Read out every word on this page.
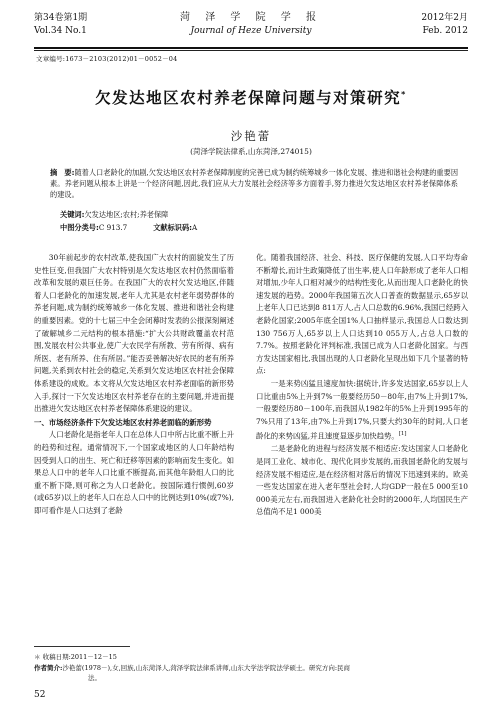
第34卷第1期	菏 泽 学 院 学 报	2012年2月
Vol.34 No.1	Journal of Heze University	Feb. 2012
文章编号:1673－2103(2012)01－0052－04
欠发达地区农村养老保障问题与对策研究*
沙艳蕾
(菏泽学院法律系,山东菏泽,274015)
摘　要:随着人口老龄化的加剧,欠发达地区农村养老保障制度的完善已成为制约统筹城乡一体化发展、推进和谐社会构建的重要因素。养老问题从根本上讲是一个经济问题,因此,我们应从大力发展社会经济等多方面着手,努力推进欠发达地区农村养老保障体系的建设。
关键词:欠发达地区;农村;养老保障
中图分类号:C 913.7	文献标识码:A

30年前起步的农村改革,使我国广大农村的面貌发生了历史性巨变,但我国广大农村特别是欠发达地区农村仍然面临着改革和发展的艰巨任务。在我国广大的农村欠发达地区,伴随着人口老龄化的加速发展,老年人尤其是农村老年弱势群体的养老问题,成为制约统筹城乡一体化发展、推进和谐社会构建的重要因素。党的十七届三中全会闭幕时发表的公报深刻阐述了破解城乡二元结构的根本措施:“扩大公共财政覆盖农村范围,发展农村公共事业,使广大农民学有所教、劳有所得、病有所医、老有所养、住有所居。”能否妥善解决好农民的老有所养问题,关系到农村社会的稳定,关系到欠发达地区农村社会保障体系建设的成败。本文将从欠发达地区农村养老面临的新形势入手,探讨一下欠发达地区农村养老存在的主要问题,并进而提出推进欠发达地区农村养老保障体系建设的建议。

一、市场经济条件下欠发达地区农村养老面临的新形势

人口老龄化是指老年人口在总体人口中所占比重不断上升的趋势和过程。通常情况下,一个国家或地区的人口年龄结构因受到人口的出生、死亡和迁移等因素的影响而发生变化。如果总人口中的老年人口比重不断提高,而其他年龄组人口的比重不断下降,则可称之为人口老龄化。按国际通行惯例,60岁(或65岁)以上的老年人口在总人口中的比例达到10%(或7%),即可看作是人口达到了老龄

化。随着我国经济、社会、科技、医疗保健的发展,人口平均寿命不断增长,而计生政策降低了出生率,使人口年龄形成了老年人口相对增加,少年人口相对减少的结构性变化,从而出现人口老龄化的快速发展的趋势。2000年我国第五次人口普查的数据显示,65岁以上老年人口已达到8 811万人,占人口总数的6.96%,我国已经跨入老龄化国家;2005年底全国1%人口抽样显示,我国总人口数达到130 756万人,65岁以上人口达到10 055万人,占总人口数的7.7%。按照老龄化评判标准,我国已成为人口老龄化国家。与西方发达国家相比,我国出现的人口老龄化呈现出如下几个显著的特点:

一是来势凶猛且速度加快:据统计,许多发达国家,65岁以上人口比重由5%上升到7%一般要经历50－80年,由7%上升到17%,一般要经历80－100年,而我国从1982年的5%上升到1995年的7%只用了13年,由7%上升到17%,只要大约30年的时间,人口老龄化的来势凶猛,并且速度显逐步加快趋势。[1]

二是老龄化的进程与经济发展不相适应:发达国家人口老龄化是同工业化、城市化、现代化同步发展的,而我国老龄化的发展与经济发展不相适应,是在经济相对落后的情况下迅速到来的。欧美一些发达国家在进入老年型社会时,人均GDP一般在5 000至10 000美元左右,而我国进入老龄化社会时的2000年,人均国民生产总值尚不足1 000美

＊ 收稿日期:2011－12－15
作者简介:沙艳蕾(1978－),女,回族,山东菏泽人,菏泽学院法律系讲师,山东大学法学院法学硕士。研究方向:民商
法。
52
